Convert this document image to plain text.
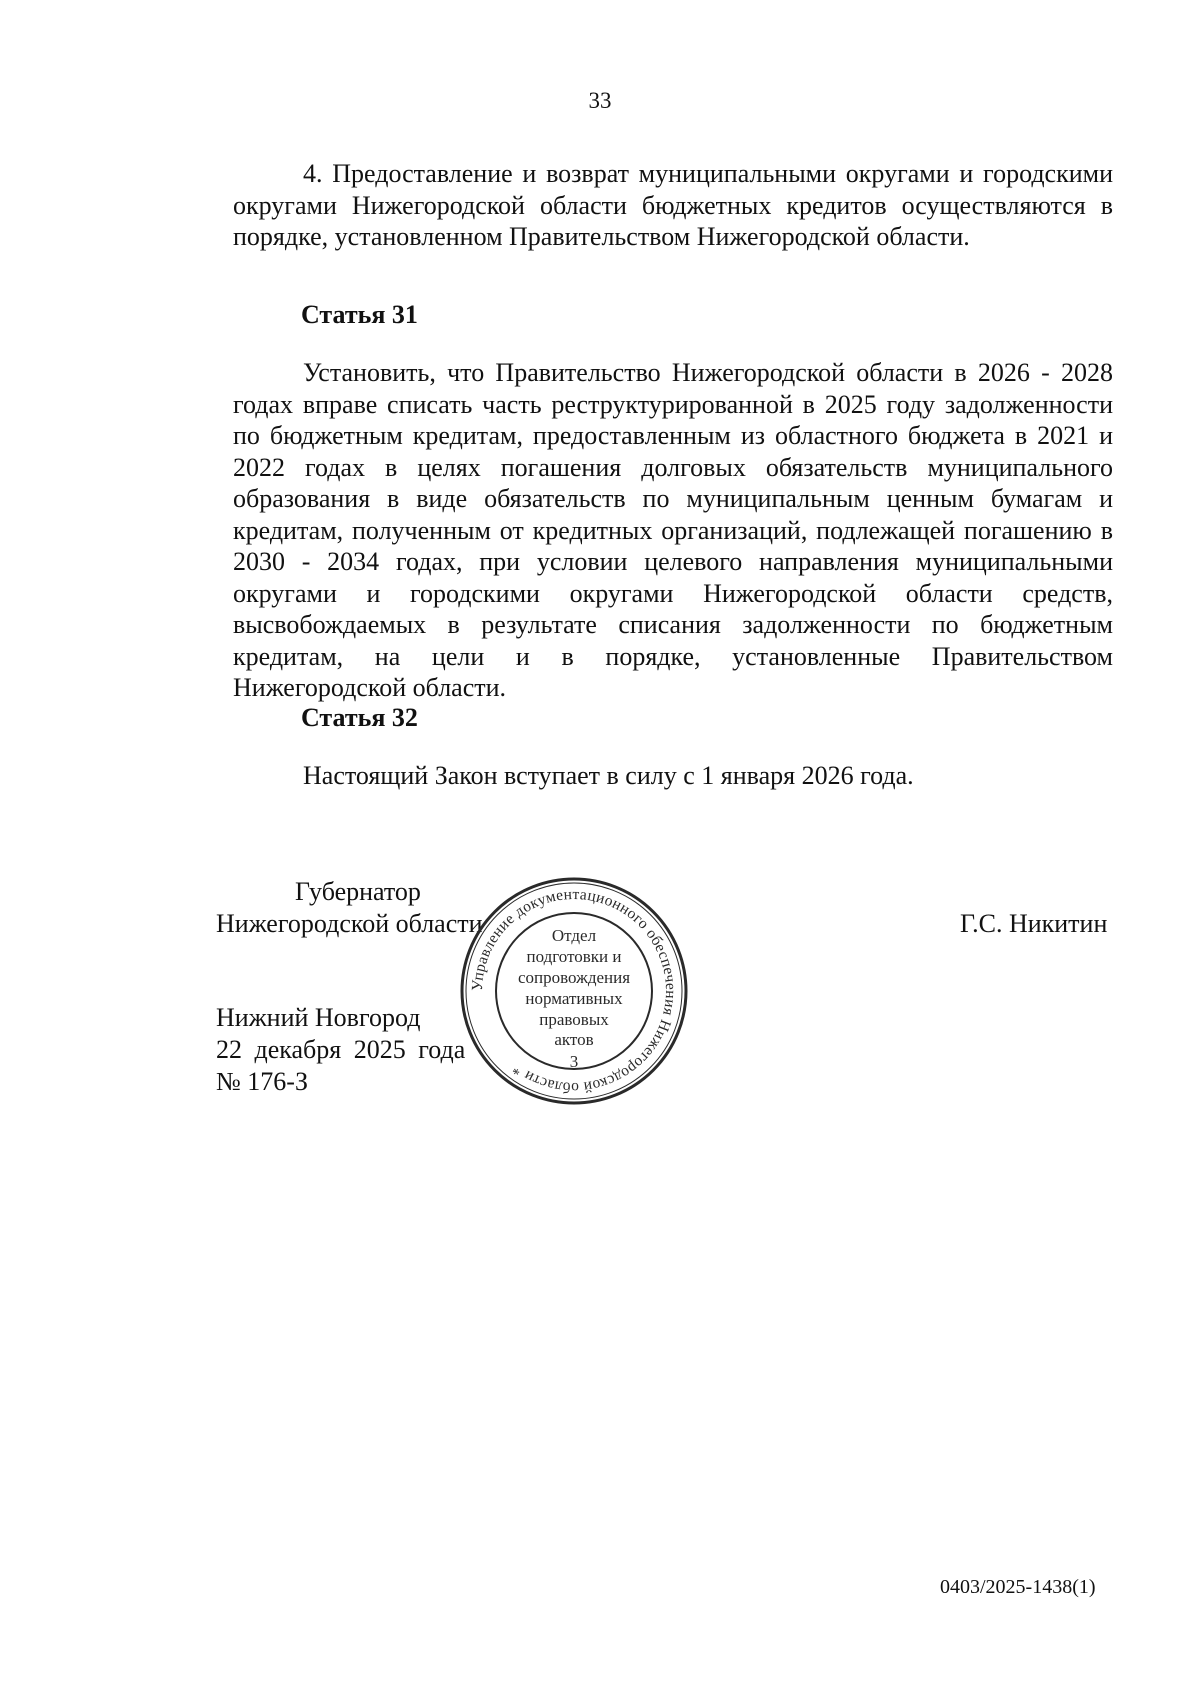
33

4. Предоставление и возврат муниципальными округами и городскими округами Нижегородской области бюджетных кредитов осуществляются в порядке, установленном Правительством Нижегородской области.

Статья 31

Установить, что Правительство Нижегородской области в 2026 - 2028 годах вправе списать часть реструктурированной в 2025 году задолженности по бюджетным кредитам, предоставленным из областного бюджета в 2021 и 2022 годах в целях погашения долговых обязательств муниципального образования в виде обязательств по муниципальным ценным бумагам и кредитам, полученным от кредитных организаций, подлежащей погашению в 2030 - 2034 годах, при условии целевого направления муниципальными округами и городскими округами Нижегородской области средств, высвобождаемых в результате списания задолженности по бюджетным кредитам, на цели и в порядке, установленные Правительством Нижегородской области.

Статья 32

Настоящий Закон вступает в силу с 1 января 2026 года.

Губернатор

Нижегородской области	Г.С. Никитин

Управление документационного обеспечения Нижегородской области *
Отдел
подготовки и
сопровождения
нормативных
правовых
актов
3

Нижний Новгород

22 декабря 2025 года

№ 176-З

0403/2025-1438(1)
